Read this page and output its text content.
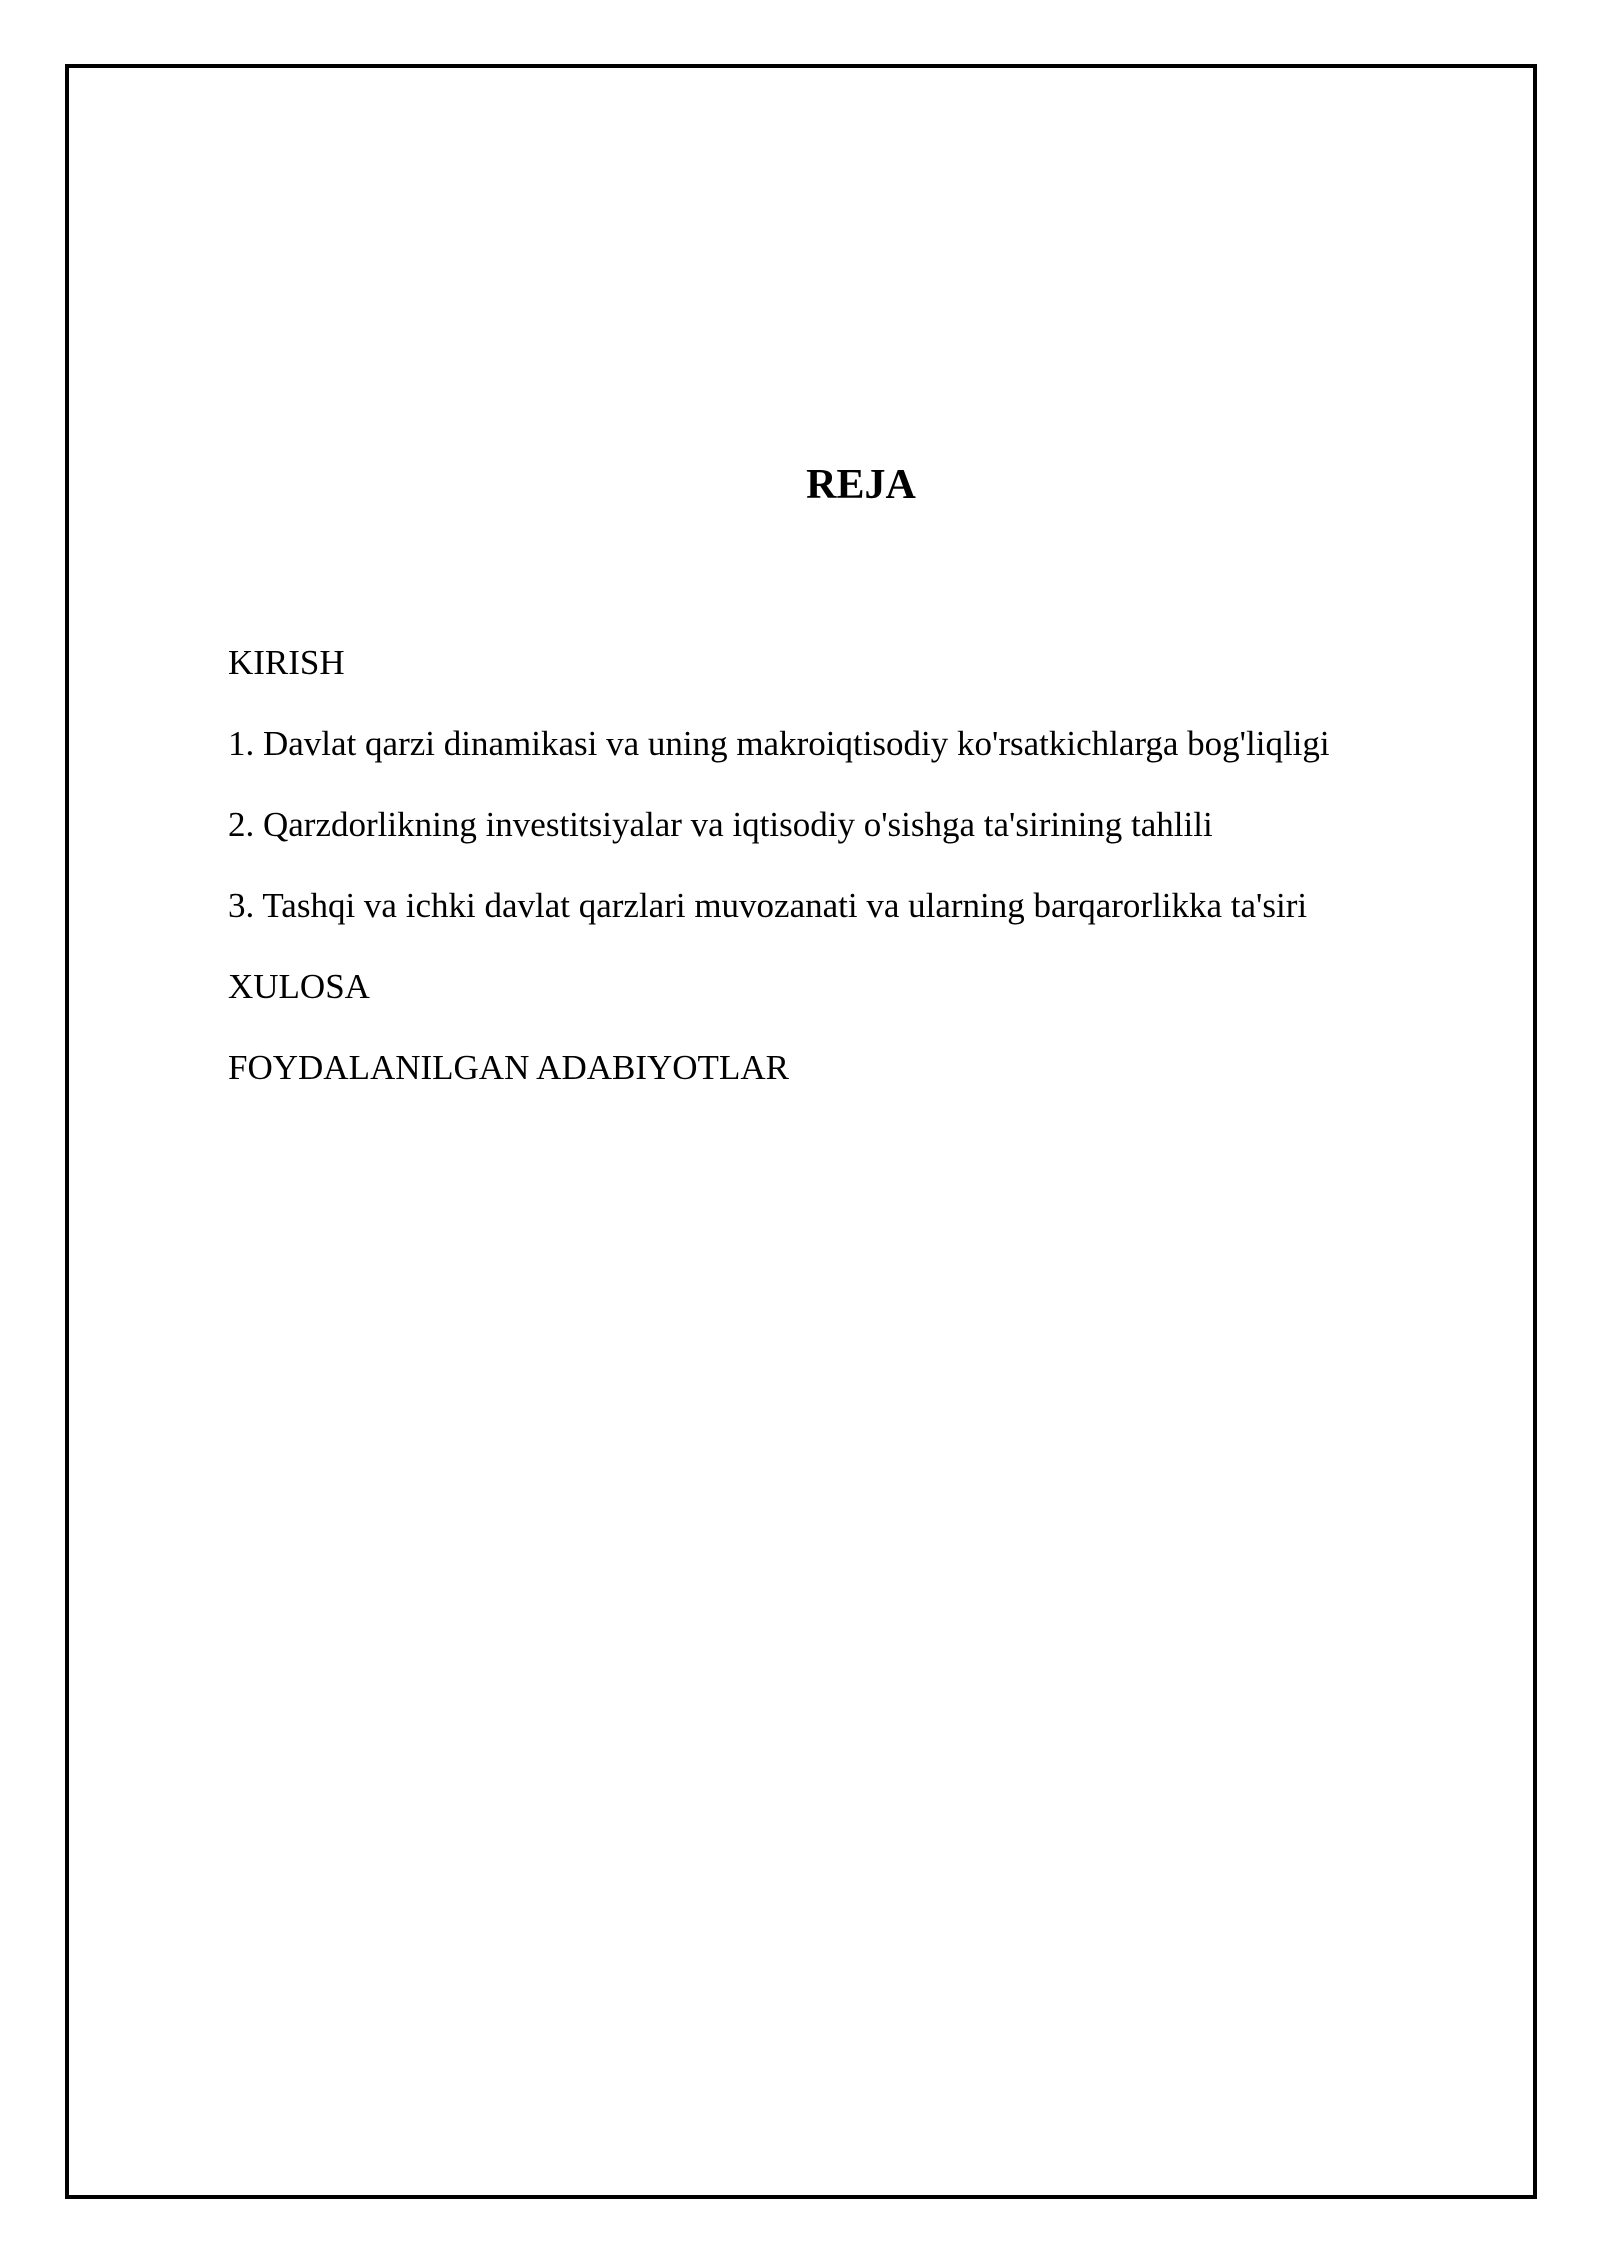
REJA
KIRISH
1. Davlat qarzi dinamikasi va uning makroiqtisodiy ko'rsatkichlarga bog'liqligi
2. Qarzdorlikning investitsiyalar va iqtisodiy o'sishga ta'sirining tahlili
3. Tashqi va ichki davlat qarzlari muvozanati va ularning barqarorlikka ta'siri
XULOSA
FOYDALANILGAN ADABIYOTLAR
